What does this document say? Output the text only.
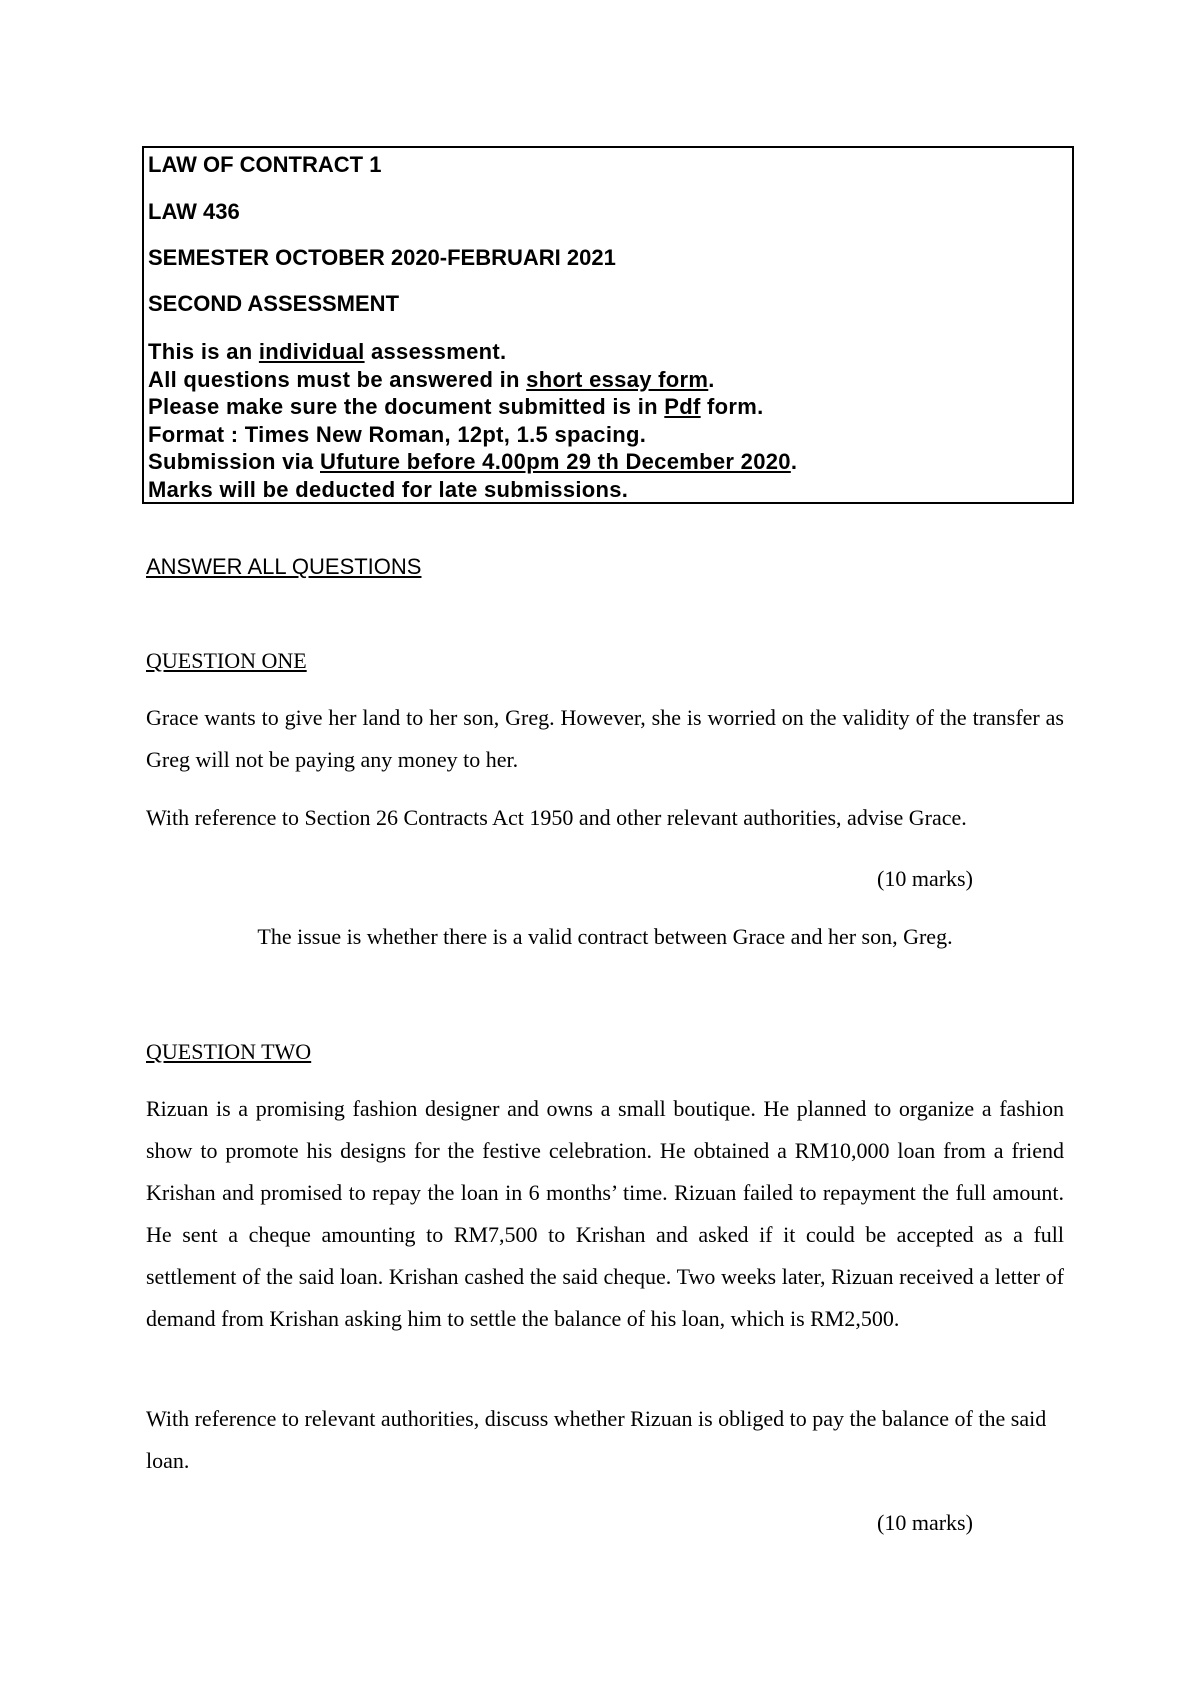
LAW OF CONTRACT 1
LAW 436
SEMESTER OCTOBER 2020-FEBRUARI 2021
SECOND ASSESSMENT
This is an individual assessment.
All questions must be answered in short essay form.
Please make sure the document submitted is in Pdf form.
Format : Times New Roman, 12pt, 1.5 spacing.
Submission via Ufuture before 4.00pm 29 th December 2020.
Marks will be deducted for late submissions.
ANSWER ALL QUESTIONS
QUESTION ONE
Grace wants to give her land to her son, Greg. However, she is worried on the validity of the transfer as Greg will not be paying any money to her.
With reference to Section 26 Contracts Act 1950 and other relevant authorities, advise Grace.
(10 marks)
The issue is whether there is a valid contract between Grace and her son, Greg.
QUESTION TWO
Rizuan is a promising fashion designer and owns a small boutique. He planned to organize a fashion show to promote his designs for the festive celebration. He obtained a RM10,000 loan from a friend Krishan and promised to repay the loan in 6 months’ time. Rizuan failed to repayment the full amount. He sent a cheque amounting to RM7,500 to Krishan and asked if it could be accepted as a full settlement of the said loan. Krishan cashed the said cheque. Two weeks later, Rizuan received a letter of demand from Krishan asking him to settle the balance of his loan, which is RM2,500.
With reference to relevant authorities, discuss whether Rizuan is obliged to pay the balance of the said loan.
(10 marks)
